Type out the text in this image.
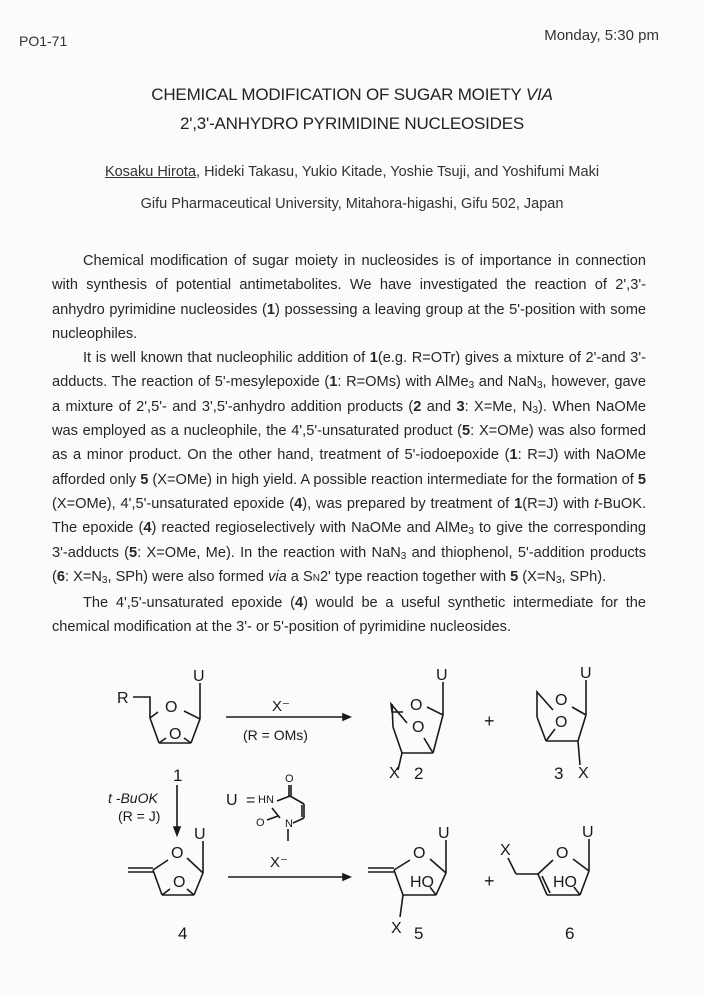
PO1-71	Monday, 5:30 pm
CHEMICAL MODIFICATION OF SUGAR MOIETY VIA
2',3'-ANHYDRO PYRIMIDINE NUCLEOSIDES
Kosaku Hirota, Hideki Takasu, Yukio Kitade, Yoshie Tsuji, and Yoshifumi Maki
Gifu Pharmaceutical University, Mitahora-higashi, Gifu 502, Japan

Chemical modification of sugar moiety in nucleosides is of importance in connection with synthesis of potential antimetabolites. We have investigated the reaction of 2',3'-anhydro pyrimidine nucleosides (1) possessing a leaving group at the 5'-position with some nucleophiles.

It is well known that nucleophilic addition of 1(e.g. R=OTr) gives a mixture of 2'-and 3'-adducts. The reaction of 5'-mesylepoxide (1: R=OMs) with AlMe$_3$ and NaN$_3$, however, gave a mixture of 2',5'- and 3',5'-anhydro addition products (2 and 3: X=Me, $N_3$). When NaOMe was employed as a nucleophile, the 4',5'-unsaturated product (5: X=OMe) was also formed as a minor product. On the other hand, treatment of 5'-iodoepoxide (1: R=J) with NaOMe afforded only 5 (X=OMe) in high yield. A possible reaction intermediate for the formation of 5 (X=OMe), 4',5'-unsaturated epoxide (4), was prepared by treatment of 1(R=J) with t-BuOK. The epoxide (4) reacted regioselectively with NaOMe and AlMe$_3$ to give the corresponding 3'-adducts (5: X=OMe, Me). In the reaction with NaN$_3$ and thiophenol, 5'-addition products (6: $X=N_3$, SPh) were also formed via a SN2' type reaction together with 5 ($X=N_3$, SPh).

The 4',5'-unsaturated epoxide (4) would be a useful synthetic intermediate for the chemical modification at the 3'- or 5'-position of pyrimidine nucleosides.

R
U
O
O
1
X⁻
(R = OMs)
U
O
O
X 2
+
U
O
O
X
3
t -BuOK
(R = J)
U =
O
HN
O N
U
O
O
4
X⁻
U
O
HO
X 5
+
U
X	O
HO
6
